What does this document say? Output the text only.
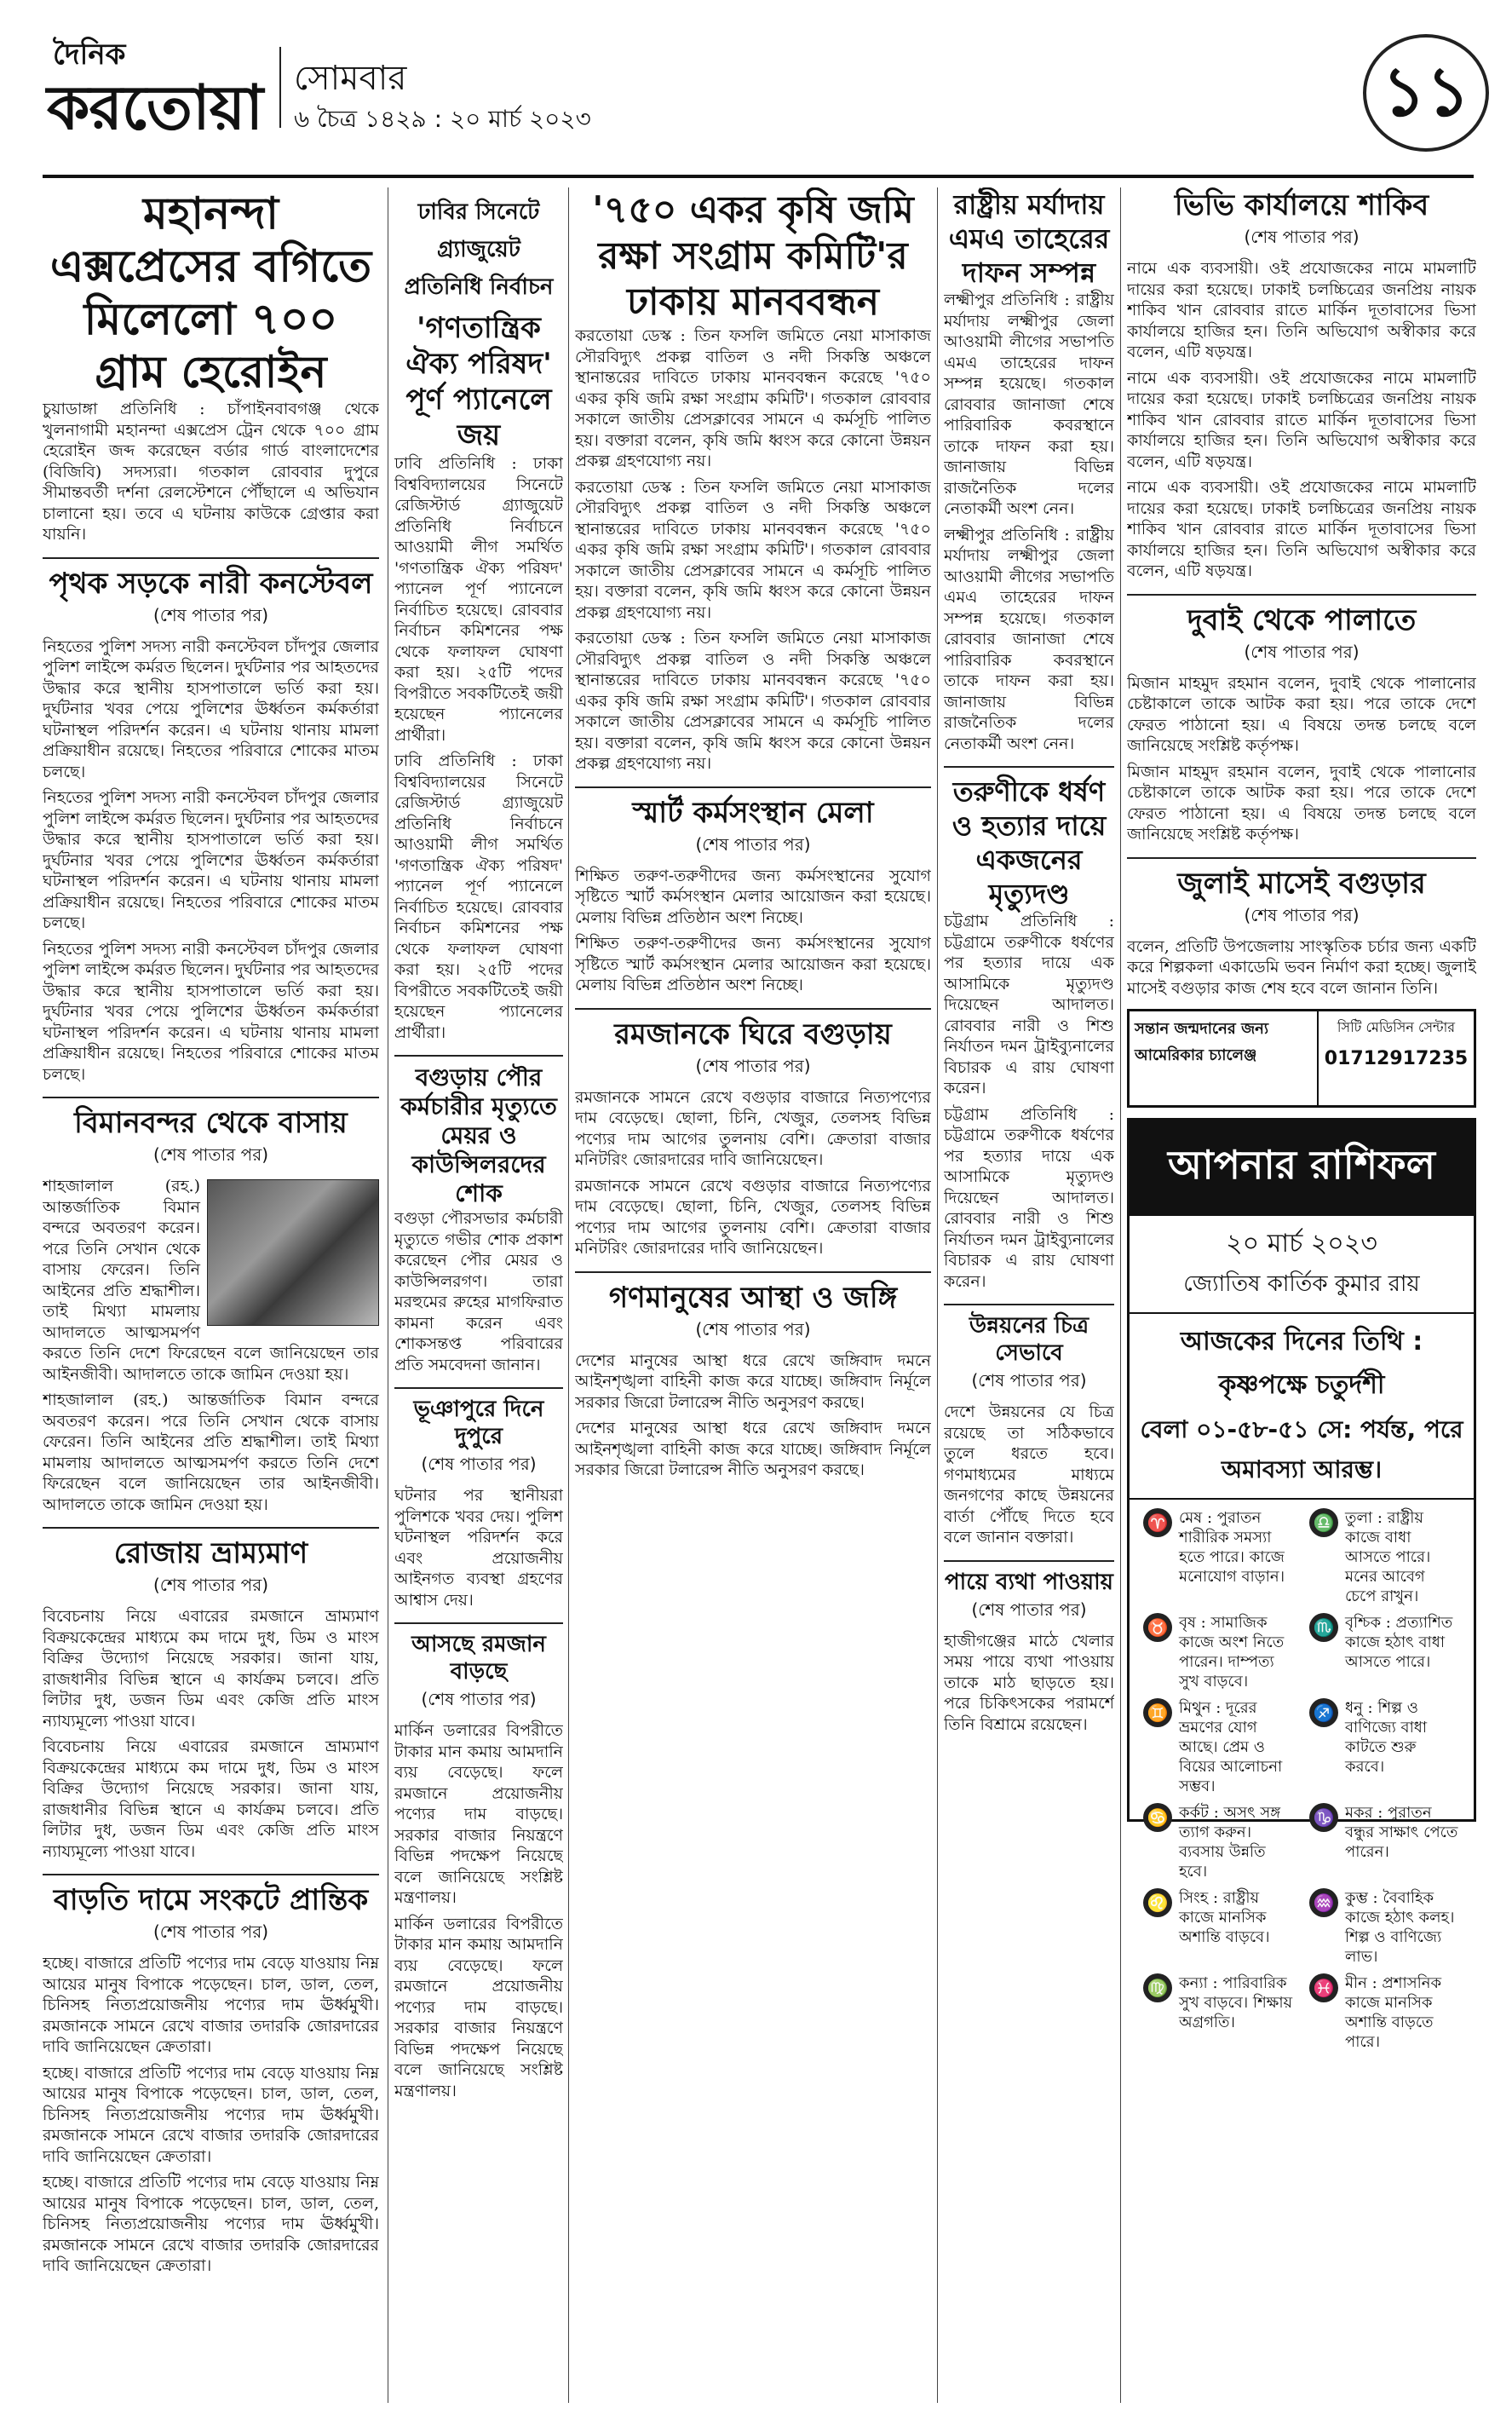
দৈনিক
করতোয়া সোমবার
৬ চৈত্র ১৪২৯ : ২০ মার্চ ২০২৩	১১
মহানন্দা এক্সপ্রেসের বগিতে মিলেলো ৭০০ গ্রাম হেরোইন

চুয়াডাঙ্গা প্রতিনিধি : চাঁপাইনবাবগঞ্জ থেকে খুলনাগামী মহানন্দা এক্সপ্রেস ট্রেন থেকে ৭০০ গ্রাম হেরোইন জব্দ করেছেন বর্ডার গার্ড বাংলাদেশের (বিজিবি) সদস্যরা। গতকাল রোববার দুপুরে সীমান্তবর্তী দর্শনা রেলস্টেশনে পৌঁছালে এ অভিযান চালানো হয়। তবে এ ঘটনায় কাউকে গ্রেপ্তার করা যায়নি।

পৃথক সড়কে নারী কনস্টেবল
(শেষ পাতার পর)

নিহতের পুলিশ সদস্য নারী কনস্টেবল চাঁদপুর জেলার পুলিশ লাইন্সে কর্মরত ছিলেন। দুর্ঘটনার পর আহতদের উদ্ধার করে স্থানীয় হাসপাতালে ভর্তি করা হয়। দুর্ঘটনার খবর পেয়ে পুলিশের ঊর্ধ্বতন কর্মকর্তারা ঘটনাস্থল পরিদর্শন করেন। এ ঘটনায় থানায় মামলা প্রক্রিয়াধীন রয়েছে। নিহতের পরিবারে শোকের মাতম চলছে।

নিহতের পুলিশ সদস্য নারী কনস্টেবল চাঁদপুর জেলার পুলিশ লাইন্সে কর্মরত ছিলেন। দুর্ঘটনার পর আহতদের উদ্ধার করে স্থানীয় হাসপাতালে ভর্তি করা হয়। দুর্ঘটনার খবর পেয়ে পুলিশের ঊর্ধ্বতন কর্মকর্তারা ঘটনাস্থল পরিদর্শন করেন। এ ঘটনায় থানায় মামলা প্রক্রিয়াধীন রয়েছে। নিহতের পরিবারে শোকের মাতম চলছে।

নিহতের পুলিশ সদস্য নারী কনস্টেবল চাঁদপুর জেলার পুলিশ লাইন্সে কর্মরত ছিলেন। দুর্ঘটনার পর আহতদের উদ্ধার করে স্থানীয় হাসপাতালে ভর্তি করা হয়। দুর্ঘটনার খবর পেয়ে পুলিশের ঊর্ধ্বতন কর্মকর্তারা ঘটনাস্থল পরিদর্শন করেন। এ ঘটনায় থানায় মামলা প্রক্রিয়াধীন রয়েছে। নিহতের পরিবারে শোকের মাতম চলছে।

বিমানবন্দর থেকে বাসায়
(শেষ পাতার পর)

শাহজালাল (রহ.) আন্তর্জাতিক বিমান বন্দরে অবতরণ করেন। পরে তিনি সেখান থেকে বাসায় ফেরেন। তিনি আইনের প্রতি শ্রদ্ধাশীল। তাই মিথ্যা মামলায় আদালতে আত্মসমর্পণ করতে তিনি দেশে ফিরেছেন বলে জানিয়েছেন তার আইনজীবী। আদালতে তাকে জামিন দেওয়া হয়।

শাহজালাল (রহ.) আন্তর্জাতিক বিমান বন্দরে অবতরণ করেন। পরে তিনি সেখান থেকে বাসায় ফেরেন। তিনি আইনের প্রতি শ্রদ্ধাশীল। তাই মিথ্যা মামলায় আদালতে আত্মসমর্পণ করতে তিনি দেশে ফিরেছেন বলে জানিয়েছেন তার আইনজীবী। আদালতে তাকে জামিন দেওয়া হয়।

রোজায় ভ্রাম্যমাণ
(শেষ পাতার পর)

বিবেচনায় নিয়ে এবারের রমজানে ভ্রাম্যমাণ বিক্রয়কেন্দ্রের মাধ্যমে কম দামে দুধ, ডিম ও মাংস বিক্রির উদ্যোগ নিয়েছে সরকার। জানা যায়, রাজধানীর বিভিন্ন স্থানে এ কার্যক্রম চলবে। প্রতি লিটার দুধ, ডজন ডিম এবং কেজি প্রতি মাংস ন্যায্যমূল্যে পাওয়া যাবে।

বিবেচনায় নিয়ে এবারের রমজানে ভ্রাম্যমাণ বিক্রয়কেন্দ্রের মাধ্যমে কম দামে দুধ, ডিম ও মাংস বিক্রির উদ্যোগ নিয়েছে সরকার। জানা যায়, রাজধানীর বিভিন্ন স্থানে এ কার্যক্রম চলবে। প্রতি লিটার দুধ, ডজন ডিম এবং কেজি প্রতি মাংস ন্যায্যমূল্যে পাওয়া যাবে।

বাড়তি দামে সংকটে প্রান্তিক
(শেষ পাতার পর)

হচ্ছে। বাজারে প্রতিটি পণ্যের দাম বেড়ে যাওয়ায় নিম্ন আয়ের মানুষ বিপাকে পড়েছেন। চাল, ডাল, তেল, চিনিসহ নিত্যপ্রয়োজনীয় পণ্যের দাম ঊর্ধ্বমুখী। রমজানকে সামনে রেখে বাজার তদারকি জোরদারের দাবি জানিয়েছেন ক্রেতারা।

হচ্ছে। বাজারে প্রতিটি পণ্যের দাম বেড়ে যাওয়ায় নিম্ন আয়ের মানুষ বিপাকে পড়েছেন। চাল, ডাল, তেল, চিনিসহ নিত্যপ্রয়োজনীয় পণ্যের দাম ঊর্ধ্বমুখী। রমজানকে সামনে রেখে বাজার তদারকি জোরদারের দাবি জানিয়েছেন ক্রেতারা।

হচ্ছে। বাজারে প্রতিটি পণ্যের দাম বেড়ে যাওয়ায় নিম্ন আয়ের মানুষ বিপাকে পড়েছেন। চাল, ডাল, তেল, চিনিসহ নিত্যপ্রয়োজনীয় পণ্যের দাম ঊর্ধ্বমুখী। রমজানকে সামনে রেখে বাজার তদারকি জোরদারের দাবি জানিয়েছেন ক্রেতারা।

ঢাবির সিনেটে গ্র্যাজুয়েট প্রতিনিধি নির্বাচন
'গণতান্ত্রিক ঐক্য পরিষদ' পূর্ণ প্যানেলে জয়

ঢাবি প্রতিনিধি : ঢাকা বিশ্ববিদ্যালয়ের সিনেটে রেজিস্টার্ড গ্র্যাজুয়েট প্রতিনিধি নির্বাচনে আওয়ামী লীগ সমর্থিত 'গণতান্ত্রিক ঐক্য পরিষদ' প্যানেল পূর্ণ প্যানেলে নির্বাচিত হয়েছে। রোববার নির্বাচন কমিশনের পক্ষ থেকে ফলাফল ঘোষণা করা হয়। ২৫টি পদের বিপরীতে সবকটিতেই জয়ী হয়েছেন প্যানেলের প্রার্থীরা।

ঢাবি প্রতিনিধি : ঢাকা বিশ্ববিদ্যালয়ের সিনেটে রেজিস্টার্ড গ্র্যাজুয়েট প্রতিনিধি নির্বাচনে আওয়ামী লীগ সমর্থিত 'গণতান্ত্রিক ঐক্য পরিষদ' প্যানেল পূর্ণ প্যানেলে নির্বাচিত হয়েছে। রোববার নির্বাচন কমিশনের পক্ষ থেকে ফলাফল ঘোষণা করা হয়। ২৫টি পদের বিপরীতে সবকটিতেই জয়ী হয়েছেন প্যানেলের প্রার্থীরা।

বগুড়ায় পৌর কর্মচারীর মৃত্যুতে মেয়র ও কাউন্সিলরদের শোক

বগুড়া পৌরসভার কর্মচারী মৃত্যুতে গভীর শোক প্রকাশ করেছেন পৌর মেয়র ও কাউন্সিলরগণ। তারা মরহুমের রুহের মাগফিরাত কামনা করেন এবং শোকসন্তপ্ত পরিবারের প্রতি সমবেদনা জানান।

ভূঞাপুরে দিনে দুপুরে
(শেষ পাতার পর)

ঘটনার পর স্থানীয়রা পুলিশকে খবর দেয়। পুলিশ ঘটনাস্থল পরিদর্শন করে এবং প্রয়োজনীয় আইনগত ব্যবস্থা গ্রহণের আশ্বাস দেয়।

আসছে রমজান বাড়ছে
(শেষ পাতার পর)

মার্কিন ডলারের বিপরীতে টাকার মান কমায় আমদানি ব্যয় বেড়েছে। ফলে রমজানে প্রয়োজনীয় পণ্যের দাম বাড়ছে। সরকার বাজার নিয়ন্ত্রণে বিভিন্ন পদক্ষেপ নিয়েছে বলে জানিয়েছে সংশ্লিষ্ট মন্ত্রণালয়।

মার্কিন ডলারের বিপরীতে টাকার মান কমায় আমদানি ব্যয় বেড়েছে। ফলে রমজানে প্রয়োজনীয় পণ্যের দাম বাড়ছে। সরকার বাজার নিয়ন্ত্রণে বিভিন্ন পদক্ষেপ নিয়েছে বলে জানিয়েছে সংশ্লিষ্ট মন্ত্রণালয়।

'৭৫০ একর কৃষি জমি রক্ষা সংগ্রাম কমিটি'র ঢাকায় মানববন্ধন

করতোয়া ডেস্ক : তিন ফসলি জমিতে নেয়া মাসাকাজ সৌরবিদ্যুৎ প্রকল্প বাতিল ও নদী সিকস্তি অঞ্চলে স্থানান্তরের দাবিতে ঢাকায় মানববন্ধন করেছে '৭৫০ একর কৃষি জমি রক্ষা সংগ্রাম কমিটি'। গতকাল রোববার সকালে জাতীয় প্রেসক্লাবের সামনে এ কর্মসূচি পালিত হয়। বক্তারা বলেন, কৃষি জমি ধ্বংস করে কোনো উন্নয়ন প্রকল্প গ্রহণযোগ্য নয়।

করতোয়া ডেস্ক : তিন ফসলি জমিতে নেয়া মাসাকাজ সৌরবিদ্যুৎ প্রকল্প বাতিল ও নদী সিকস্তি অঞ্চলে স্থানান্তরের দাবিতে ঢাকায় মানববন্ধন করেছে '৭৫০ একর কৃষি জমি রক্ষা সংগ্রাম কমিটি'। গতকাল রোববার সকালে জাতীয় প্রেসক্লাবের সামনে এ কর্মসূচি পালিত হয়। বক্তারা বলেন, কৃষি জমি ধ্বংস করে কোনো উন্নয়ন প্রকল্প গ্রহণযোগ্য নয়।

করতোয়া ডেস্ক : তিন ফসলি জমিতে নেয়া মাসাকাজ সৌরবিদ্যুৎ প্রকল্প বাতিল ও নদী সিকস্তি অঞ্চলে স্থানান্তরের দাবিতে ঢাকায় মানববন্ধন করেছে '৭৫০ একর কৃষি জমি রক্ষা সংগ্রাম কমিটি'। গতকাল রোববার সকালে জাতীয় প্রেসক্লাবের সামনে এ কর্মসূচি পালিত হয়। বক্তারা বলেন, কৃষি জমি ধ্বংস করে কোনো উন্নয়ন প্রকল্প গ্রহণযোগ্য নয়।

স্মার্ট কর্মসংস্থান মেলা
(শেষ পাতার পর)

শিক্ষিত তরুণ-তরুণীদের জন্য কর্মসংস্থানের সুযোগ সৃষ্টিতে স্মার্ট কর্মসংস্থান মেলার আয়োজন করা হয়েছে। মেলায় বিভিন্ন প্রতিষ্ঠান অংশ নিচ্ছে।

শিক্ষিত তরুণ-তরুণীদের জন্য কর্মসংস্থানের সুযোগ সৃষ্টিতে স্মার্ট কর্মসংস্থান মেলার আয়োজন করা হয়েছে। মেলায় বিভিন্ন প্রতিষ্ঠান অংশ নিচ্ছে।

রমজানকে ঘিরে বগুড়ায়
(শেষ পাতার পর)

রমজানকে সামনে রেখে বগুড়ার বাজারে নিত্যপণ্যের দাম বেড়েছে। ছোলা, চিনি, খেজুর, তেলসহ বিভিন্ন পণ্যের দাম আগের তুলনায় বেশি। ক্রেতারা বাজার মনিটরিং জোরদারের দাবি জানিয়েছেন।

রমজানকে সামনে রেখে বগুড়ার বাজারে নিত্যপণ্যের দাম বেড়েছে। ছোলা, চিনি, খেজুর, তেলসহ বিভিন্ন পণ্যের দাম আগের তুলনায় বেশি। ক্রেতারা বাজার মনিটরিং জোরদারের দাবি জানিয়েছেন।

গণমানুষের আস্থা ও জঙ্গি
(শেষ পাতার পর)

দেশের মানুষের আস্থা ধরে রেখে জঙ্গিবাদ দমনে আইনশৃঙ্খলা বাহিনী কাজ করে যাচ্ছে। জঙ্গিবাদ নির্মূলে সরকার জিরো টলারেন্স নীতি অনুসরণ করছে।

দেশের মানুষের আস্থা ধরে রেখে জঙ্গিবাদ দমনে আইনশৃঙ্খলা বাহিনী কাজ করে যাচ্ছে। জঙ্গিবাদ নির্মূলে সরকার জিরো টলারেন্স নীতি অনুসরণ করছে।

রাষ্ট্রীয় মর্যাদায় এমএ তাহেরের দাফন সম্পন্ন

লক্ষ্মীপুর প্রতিনিধি : রাষ্ট্রীয় মর্যাদায় লক্ষ্মীপুর জেলা আওয়ামী লীগের সভাপতি এমএ তাহেরের দাফন সম্পন্ন হয়েছে। গতকাল রোববার জানাজা শেষে পারিবারিক কবরস্থানে তাকে দাফন করা হয়। জানাজায় বিভিন্ন রাজনৈতিক দলের নেতাকর্মী অংশ নেন।

লক্ষ্মীপুর প্রতিনিধি : রাষ্ট্রীয় মর্যাদায় লক্ষ্মীপুর জেলা আওয়ামী লীগের সভাপতি এমএ তাহেরের দাফন সম্পন্ন হয়েছে। গতকাল রোববার জানাজা শেষে পারিবারিক কবরস্থানে তাকে দাফন করা হয়। জানাজায় বিভিন্ন রাজনৈতিক দলের নেতাকর্মী অংশ নেন।

তরুণীকে ধর্ষণ ও হত্যার দায়ে একজনের মৃত্যুদণ্ড

চট্টগ্রাম প্রতিনিধি : চট্টগ্রামে তরুণীকে ধর্ষণের পর হত্যার দায়ে এক আসামিকে মৃত্যুদণ্ড দিয়েছেন আদালত। রোববার নারী ও শিশু নির্যাতন দমন ট্রাইব্যুনালের বিচারক এ রায় ঘোষণা করেন।

চট্টগ্রাম প্রতিনিধি : চট্টগ্রামে তরুণীকে ধর্ষণের পর হত্যার দায়ে এক আসামিকে মৃত্যুদণ্ড দিয়েছেন আদালত। রোববার নারী ও শিশু নির্যাতন দমন ট্রাইব্যুনালের বিচারক এ রায় ঘোষণা করেন।

উন্নয়নের চিত্র সেভাবে
(শেষ পাতার পর)

দেশে উন্নয়নের যে চিত্র রয়েছে তা সঠিকভাবে তুলে ধরতে হবে। গণমাধ্যমের মাধ্যমে জনগণের কাছে উন্নয়নের বার্তা পৌঁছে দিতে হবে বলে জানান বক্তারা।

পায়ে ব্যথা পাওয়ায়
(শেষ পাতার পর)

হাজীগঞ্জের মাঠে খেলার সময় পায়ে ব্যথা পাওয়ায় তাকে মাঠ ছাড়তে হয়। পরে চিকিৎসকের পরামর্শে তিনি বিশ্রামে রয়েছেন।

ভিভি কার্যালয়ে শাকিব
(শেষ পাতার পর)

নামে এক ব্যবসায়ী। ওই প্রযোজকের নামে মামলাটি দায়ের করা হয়েছে। ঢাকাই চলচ্চিত্রের জনপ্রিয় নায়ক শাকিব খান রোববার রাতে মার্কিন দূতাবাসের ভিসা কার্যালয়ে হাজির হন। তিনি অভিযোগ অস্বীকার করে বলেন, এটি ষড়যন্ত্র।

নামে এক ব্যবসায়ী। ওই প্রযোজকের নামে মামলাটি দায়ের করা হয়েছে। ঢাকাই চলচ্চিত্রের জনপ্রিয় নায়ক শাকিব খান রোববার রাতে মার্কিন দূতাবাসের ভিসা কার্যালয়ে হাজির হন। তিনি অভিযোগ অস্বীকার করে বলেন, এটি ষড়যন্ত্র।

নামে এক ব্যবসায়ী। ওই প্রযোজকের নামে মামলাটি দায়ের করা হয়েছে। ঢাকাই চলচ্চিত্রের জনপ্রিয় নায়ক শাকিব খান রোববার রাতে মার্কিন দূতাবাসের ভিসা কার্যালয়ে হাজির হন। তিনি অভিযোগ অস্বীকার করে বলেন, এটি ষড়যন্ত্র।

দুবাই থেকে পালাতে
(শেষ পাতার পর)

মিজান মাহমুদ রহমান বলেন, দুবাই থেকে পালানোর চেষ্টাকালে তাকে আটক করা হয়। পরে তাকে দেশে ফেরত পাঠানো হয়। এ বিষয়ে তদন্ত চলছে বলে জানিয়েছে সংশ্লিষ্ট কর্তৃপক্ষ।

মিজান মাহমুদ রহমান বলেন, দুবাই থেকে পালানোর চেষ্টাকালে তাকে আটক করা হয়। পরে তাকে দেশে ফেরত পাঠানো হয়। এ বিষয়ে তদন্ত চলছে বলে জানিয়েছে সংশ্লিষ্ট কর্তৃপক্ষ।

জুলাই মাসেই বগুড়ার
(শেষ পাতার পর)

বলেন, প্রতিটি উপজেলায় সাংস্কৃতিক চর্চার জন্য একটি করে শিল্পকলা একাডেমি ভবন নির্মাণ করা হচ্ছে। জুলাই মাসেই বগুড়ার কাজ শেষ হবে বলে জানান তিনি।

সন্তান জন্মদানের জন্য আমেরিকার চ্যালেঞ্জ
সিটি মেডিসিন সেন্টার
01712917235
আপনার রাশিফল
২০ মার্চ ২০২৩
জ্যোতিষ কার্তিক কুমার রায়
আজকের দিনের তিথি : কৃষ্ণপক্ষে চতুর্দশী
বেলা ০১-৫৮-৫১ সে: পর্যন্ত, পরে অমাবস্যা আরম্ভ।
♈ মেষ : পুরাতন শারীরিক সমস্যা হতে পারে। কাজে মনোযোগ বাড়ান।
♎ তুলা : রাষ্ট্রীয় কাজে বাধা আসতে পারে। মনের আবেগ চেপে রাখুন।
♉ বৃষ : সামাজিক কাজে অংশ নিতে পারেন। দাম্পত্য সুখ বাড়বে।
♏ বৃশ্চিক : প্রত্যাশিত কাজে হঠাৎ বাধা আসতে পারে।
♊ মিথুন : দূরের ভ্রমণের যোগ আছে। প্রেম ও বিয়ের আলোচনা সম্ভব।
♐ ধনু : শিল্প ও বাণিজ্যে বাধা কাটতে শুরু করবে।
♋ কর্কট : অসৎ সঙ্গ ত্যাগ করুন। ব্যবসায় উন্নতি হবে।
♑ মকর : পুরাতন বন্ধুর সাক্ষাৎ পেতে পারেন।
♌ সিংহ : রাষ্ট্রীয় কাজে মানসিক অশান্তি বাড়বে।
♒ কুম্ভ : বৈবাহিক কাজে হঠাৎ কলহ। শিল্প ও বাণিজ্যে লাভ।
♍ কন্যা : পারিবারিক সুখ বাড়বে। শিক্ষায় অগ্রগতি।
♓ মীন : প্রশাসনিক কাজে মানসিক অশান্তি বাড়তে পারে।
